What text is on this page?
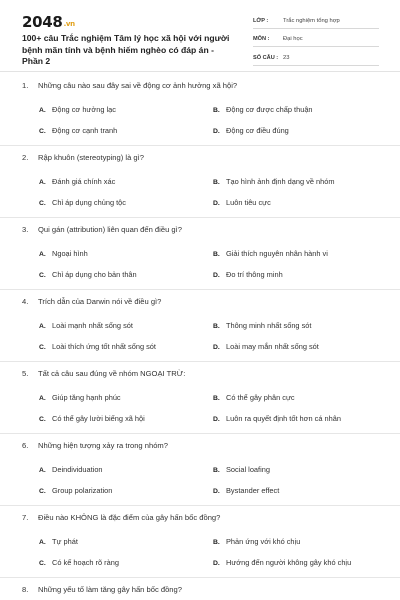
2048.vn
100+ câu Trắc nghiệm Tâm lý học xã hội với người bệnh mãn tính và bệnh hiếm nghèo có đáp án - Phần 2
LỚP :	Trắc nghiệm tổng hợp
MÔN :	Đại học
SỐ CÂU : 23
1. Những câu nào sau đây sai về động cơ ảnh hưởng xã hội?
A. Động cơ hưởng lạc	B. Động cơ được chấp thuận
C. Động cơ cạnh tranh	D. Động cơ điều đúng
2. Rập khuôn (stereotyping) là gì?
A. Đánh giá chính xác	B. Tạo hình ảnh định dạng về nhóm
C. Chỉ áp dụng chủng tộc	D. Luôn tiêu cực
3. Qui gán (attribution) liên quan đến điều gì?
A. Ngoại hình	B. Giải thích nguyên nhân hành vi
C. Chỉ áp dụng cho bản thân	D. Đo trí thông minh
4. Trích dẫn của Darwin nói về điều gì?
A. Loài mạnh nhất sống sót	B. Thông minh nhất sống sót
C. Loài thích ứng tốt nhất sống sót	D. Loài may mắn nhất sống sót
5. Tất cả câu sau đúng về nhóm NGOẠI TRỪ:
A. Giúp tăng hạnh phúc	B. Có thể gây phân cực
C. Có thể gây lười biếng xã hội	D. Luôn ra quyết định tốt hơn cá nhân
6. Những hiện tượng xảy ra trong nhóm?
A. Deindividuation	B. Social loafing
C. Group polarization	D. Bystander effect
7. Điều nào KHÔNG là đặc điểm của gây hấn bốc đồng?
A. Tự phát	B. Phản ứng với khó chịu
C. Có kế hoạch rõ ràng	D. Hướng đến người không gây khó chịu
8. Những yếu tố làm tăng gây hấn bốc đồng?
